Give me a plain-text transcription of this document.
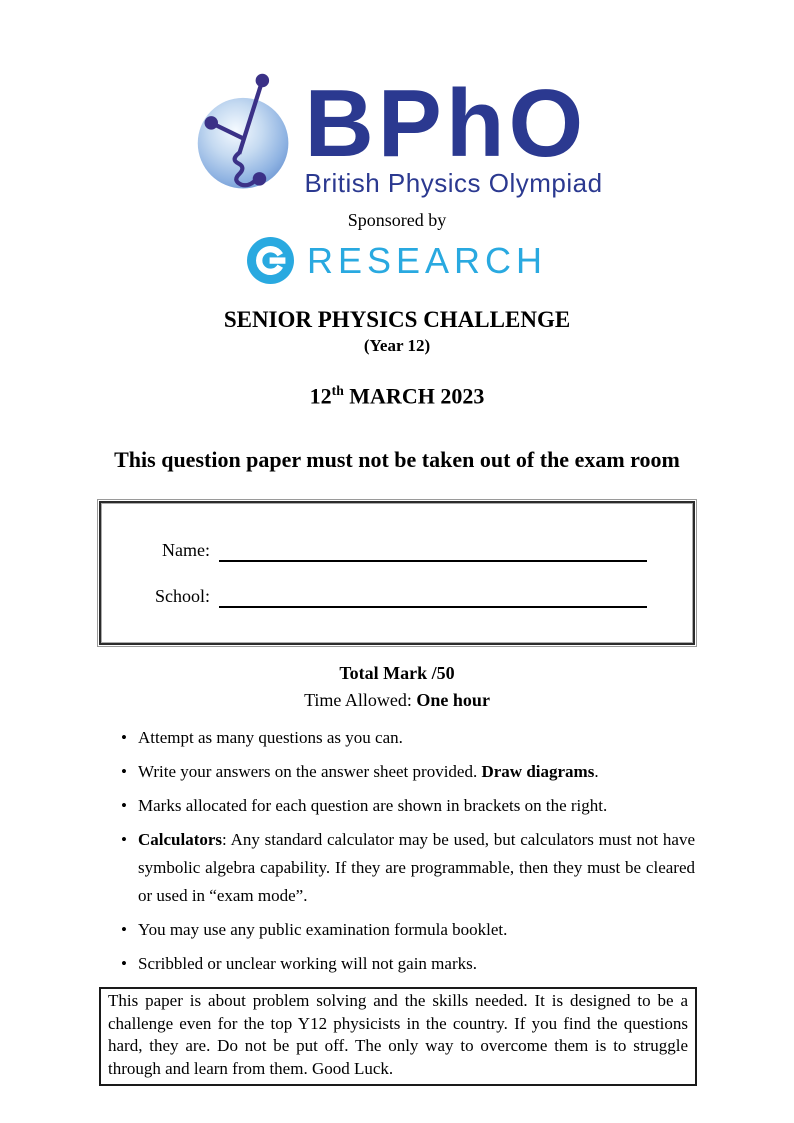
BPhO
British Physics Olympiad
Sponsored by
RESEARCH
SENIOR PHYSICS CHALLENGE
(Year 12)
12th MARCH 2023
This question paper must not be taken out of the exam room
Name:
School:
Total Mark /50
Time Allowed: One hour
• Attempt as many questions as you can.
• Write your answers on the answer sheet provided. Draw diagrams.
• Marks allocated for each question are shown in brackets on the right.
• Calculators: Any standard calculator may be used, but calculators must not have symbolic algebra capability. If they are programmable, then they must be cleared or used in “exam mode”.
• You may use any public examination formula booklet.
• Scribbled or unclear working will not gain marks.
This paper is about problem solving and the skills needed. It is designed to be a challenge even for the top Y12 physicists in the country. If you find the questions hard, they are. Do not be put off. The only way to overcome them is to struggle through and learn from them. Good Luck.
